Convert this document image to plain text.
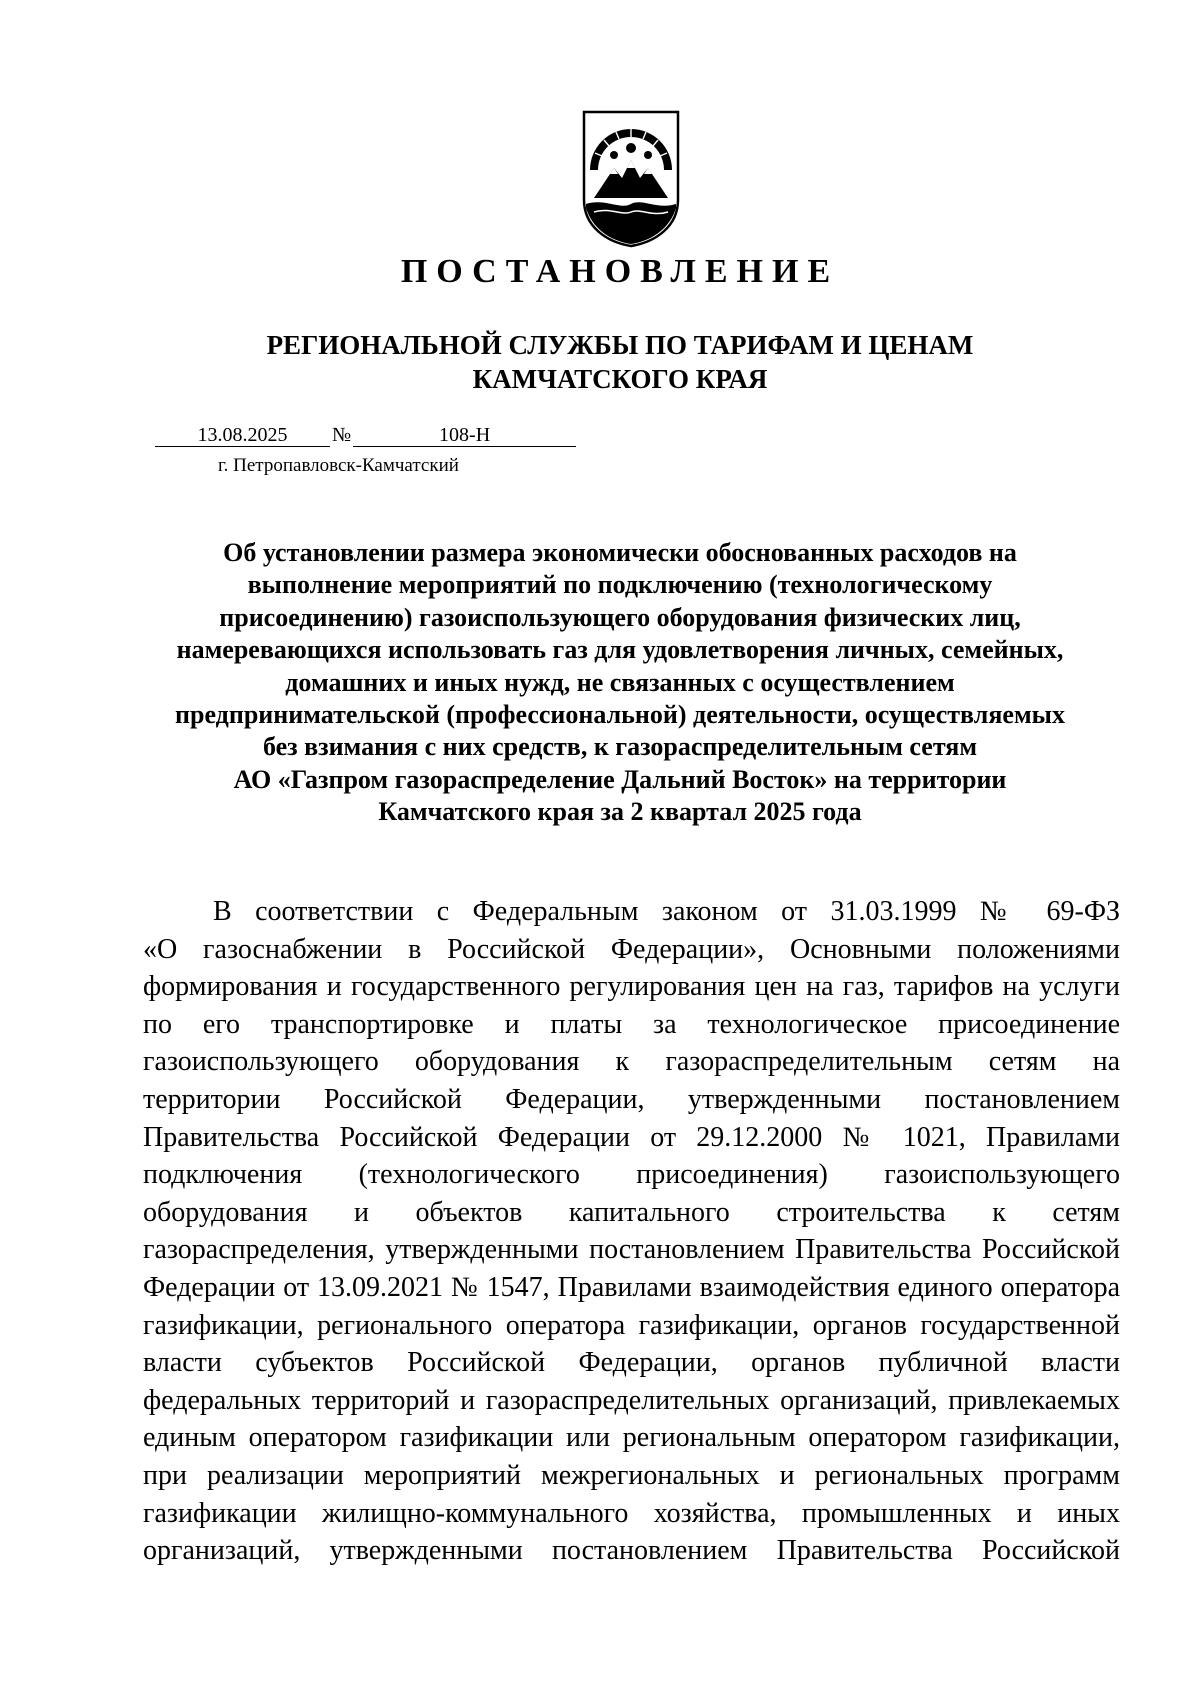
ПОСТАНОВЛЕНИЕ
РЕГИОНАЛЬНОЙ СЛУЖБЫ ПО ТАРИФАМ И ЦЕНАМ
КАМЧАТСКОГО КРАЯ
13.08.2025 №	108-Н
г. Петропавловск-Камчатский
Об установлении размера экономически обоснованных расходов на
выполнение мероприятий по подключению (технологическому
присоединению) газоиспользующего оборудования физических лиц,
намеревающихся использовать газ для удовлетворения личных, семейных,
домашних и иных нужд, не связанных с осуществлением
предпринимательской (профессиональной) деятельности, осуществляемых
без взимания с них средств, к газораспределительным сетям
АО «Газпром газораспределение Дальний Восток» на территории
Камчатского края за 2 квартал 2025 года
В соответствии с Федеральным законом от 31.03.1999 № 69-ФЗ
«О газоснабжении в Российской Федерации», Основными положениями
формирования и государственного регулирования цен на газ, тарифов на услуги
по его транспортировке и платы за технологическое присоединение
газоиспользующего оборудования к газораспределительным сетям на
территории Российской Федерации, утвержденными постановлением
Правительства Российской Федерации от 29.12.2000 № 1021, Правилами
подключения (технологического присоединения) газоиспользующего
оборудования и объектов капитального строительства к сетям
газораспределения, утвержденными постановлением Правительства Российской
Федерации от 13.09.2021 № 1547, Правилами взаимодействия единого оператора
газификации, регионального оператора газификации, органов государственной
власти субъектов Российской Федерации, органов публичной власти
федеральных территорий и газораспределительных организаций, привлекаемых
единым оператором газификации или региональным оператором газификации,
при реализации мероприятий межрегиональных и региональных программ
газификации жилищно-коммунального хозяйства, промышленных и иных
организаций, утвержденными постановлением Правительства Российской
